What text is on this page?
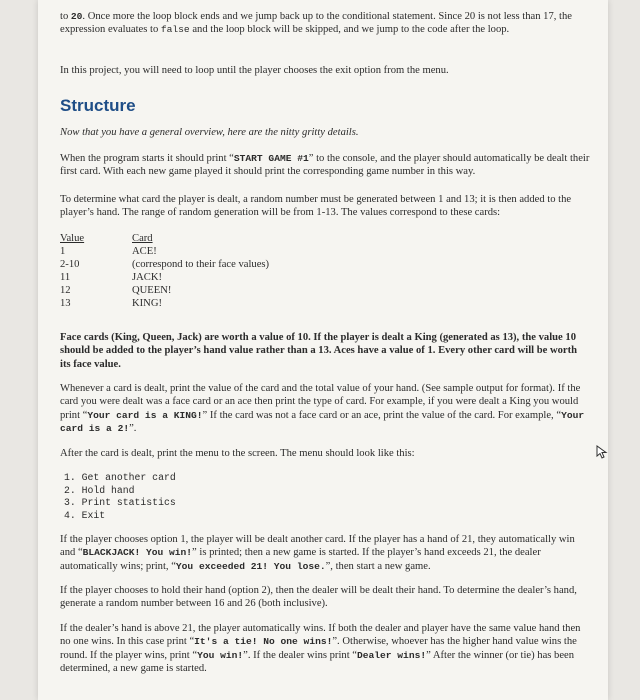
to 20. Once more the loop block ends and we jump back up to the conditional statement. Since 20 is not less than 17, the expression evaluates to false and the loop block will be skipped, and we jump to the code after the loop.

In this project, you will need to loop until the player chooses the exit option from the menu.

Structure

Now that you have a general overview, here are the nitty gritty details.

When the program starts it should print “START GAME #1” to the console, and the player should automatically be dealt their first card. With each new game played it should print the corresponding game number in this way.

To determine what card the player is dealt, a random number must be generated between 1 and 13; it is then added to the player’s hand. The range of random generation will be from 1-13. The values correspond to these cards:

Value	Card
1	ACE!
2-10	(correspond to their face values)
11	JACK!
12	QUEEN!
13	KING!

Face cards (King, Queen, Jack) are worth a value of 10. If the player is dealt a King (generated as 13), the value 10 should be added to the player’s hand value rather than a 13. Aces have a value of 1. Every other card will be worth its face value.

Whenever a card is dealt, print the value of the card and the total value of your hand. (See sample output for format). If the card you were dealt was a face card or an ace then print the type of card. For example, if you were dealt a King you would print “Your card is a KING!” If the card was not a face card or an ace, print the value of the card. For example, “Your card is a 2!”.

After the card is dealt, print the menu to the screen. The menu should look like this:

1. Get another card
2. Hold hand
3. Print statistics
4. Exit

If the player chooses option 1, the player will be dealt another card. If the player has a hand of 21, they automatically win and “BLACKJACK! You win!” is printed; then a new game is started. If the player’s hand exceeds 21, the dealer automatically wins; print, “You exceeded 21! You lose.”, then start a new game.

If the player chooses to hold their hand (option 2), then the dealer will be dealt their hand. To determine the dealer’s hand, generate a random number between 16 and 26 (both inclusive).

If the dealer’s hand is above 21, the player automatically wins. If both the dealer and player have the same value hand then no one wins. In this case print “It's a tie! No one wins!”. Otherwise, whoever has the higher hand value wins the round. If the player wins, print “You win!”. If the dealer wins print “Dealer wins!” After the winner (or tie) has been determined, a new game is started.
